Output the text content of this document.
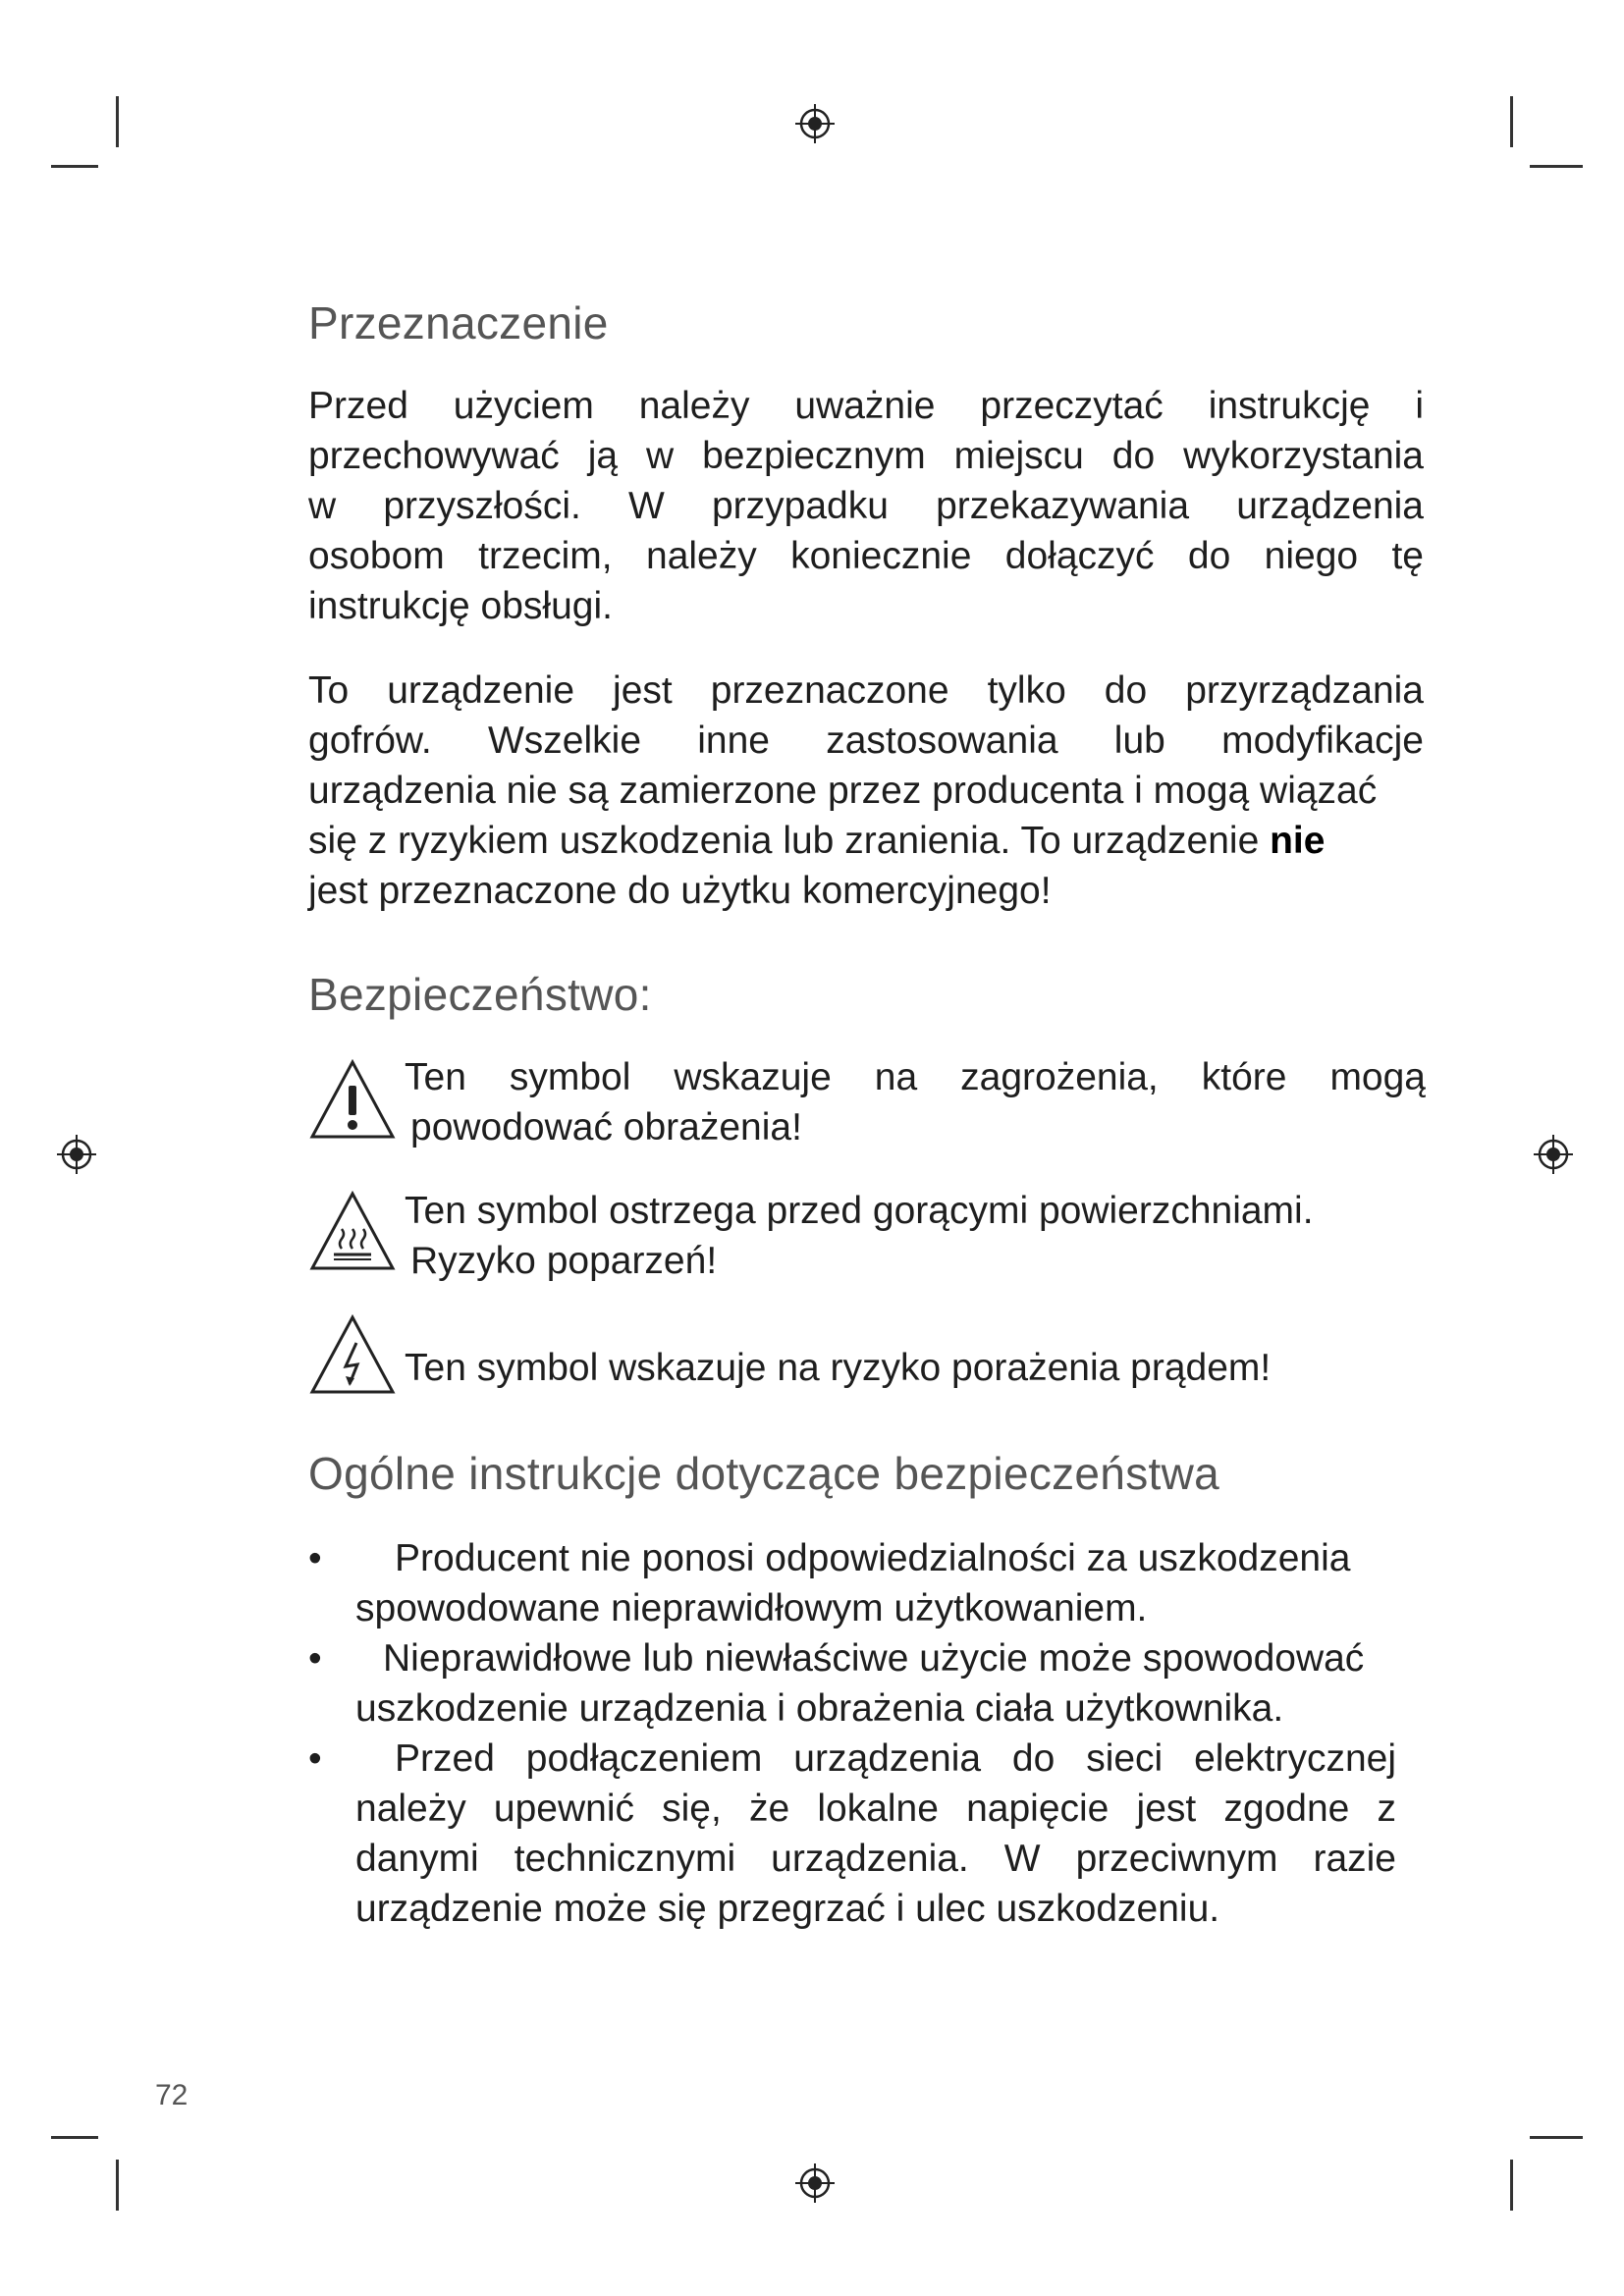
Przeznaczenie

Przed użyciem należy uważnie przeczytać instrukcję i
przechowywać ją w bezpiecznym miejscu do wykorzystania
w przyszłości. W przypadku przekazywania urządzenia
osobom trzecim, należy koniecznie dołączyć do niego tę
instrukcję obsługi.

To urządzenie jest przeznaczone tylko do przyrządzania
gofrów. Wszelkie inne zastosowania lub modyfikacje
urządzenia nie są zamierzone przez producenta i mogą wiązać
się z ryzykiem uszkodzenia lub zranienia. To urządzenie nie
jest przeznaczone do użytku komercyjnego!

Bezpieczeństwo:
Ten symbol wskazuje na zagrożenia, które mogą
powodować obrażenia!
Ten symbol ostrzega przed gorącymi powierzchniami.
Ryzyko poparzeń!
Ten symbol wskazuje na ryzyko porażenia prądem!
Ogólne instrukcje dotyczące bezpieczeństwa
•	Producent nie ponosi odpowiedzialności za uszkodzenia
spowodowane nieprawidłowym użytkowaniem.
•	Nieprawidłowe lub niewłaściwe użycie może spowodować
uszkodzenie urządzenia i obrażenia ciała użytkownika.
•	Przed podłączeniem urządzenia do sieci elektrycznej
należy upewnić się, że lokalne napięcie jest zgodne z
danymi technicznymi urządzenia. W przeciwnym razie
urządzenie może się przegrzać i ulec uszkodzeniu.
72
